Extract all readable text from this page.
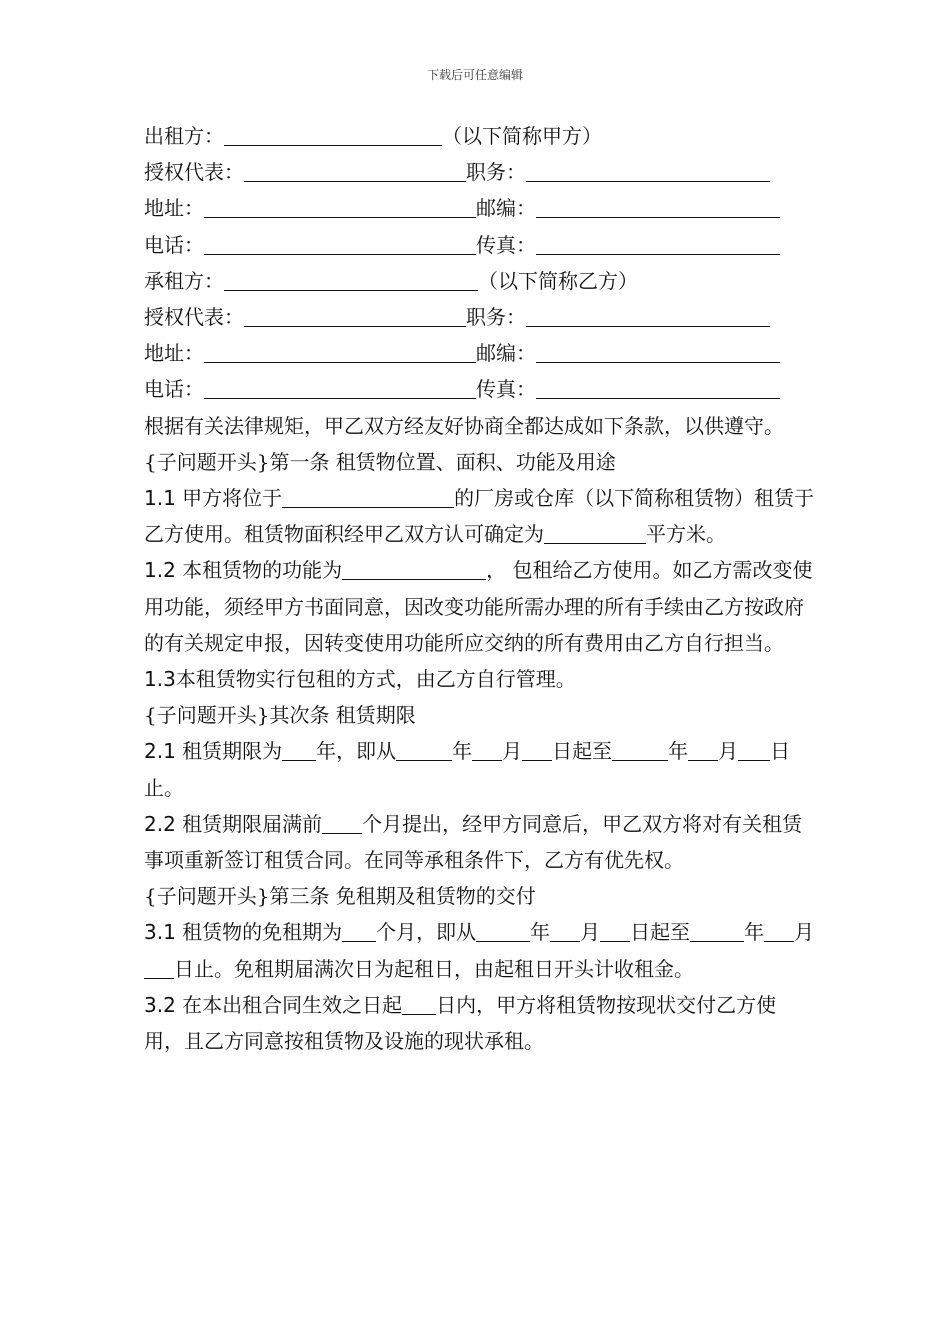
下载后可任意编辑
出租方：	（以下简称甲方）
授权代表：	职务：
地址：	邮编：
电话：	传真：
承租方：	（以下简称乙方）
授权代表：	职务：
地址：	邮编：
电话：	传真：
根据有关法律规矩，甲乙双方经友好协商全都达成如下条款，以供遵守。
{子问题开头}第一条 租赁物位置、面积、功能及用途
1.1 甲方将位于	的厂房或仓库（以下简称租赁物）租赁于乙方使用。租赁物面积经甲乙双方认可确定为	平方米。
1.2 本租赁物的功能为	， 包租给乙方使用。如乙方需改变使用功能，须经甲方书面同意，因改变功能所需办理的所有手续由乙方按政府的有关规定申报，因转变使用功能所应交纳的所有费用由乙方自行担当。
1.3本租赁物实行包租的方式，由乙方自行管理。
{子问题开头}其次条 租赁期限
2.1 租赁期限为 年，即从	年 月 日起至	年 月 日止。
2.2 租赁期限届满前 个月提出，经甲方同意后，甲乙双方将对有关租赁事项重新签订租赁合同。在同等承租条件下，乙方有优先权。
{子问题开头}第三条 免租期及租赁物的交付
3.1 租赁物的免租期为 个月，即从	年 月 日起至	年 月日止。免租期届满次日为起租日，由起租日开头计收租金。
3.2 在本出租合同生效之日起 日内，甲方将租赁物按现状交付乙方使用，且乙方同意按租赁物及设施的现状承租。
